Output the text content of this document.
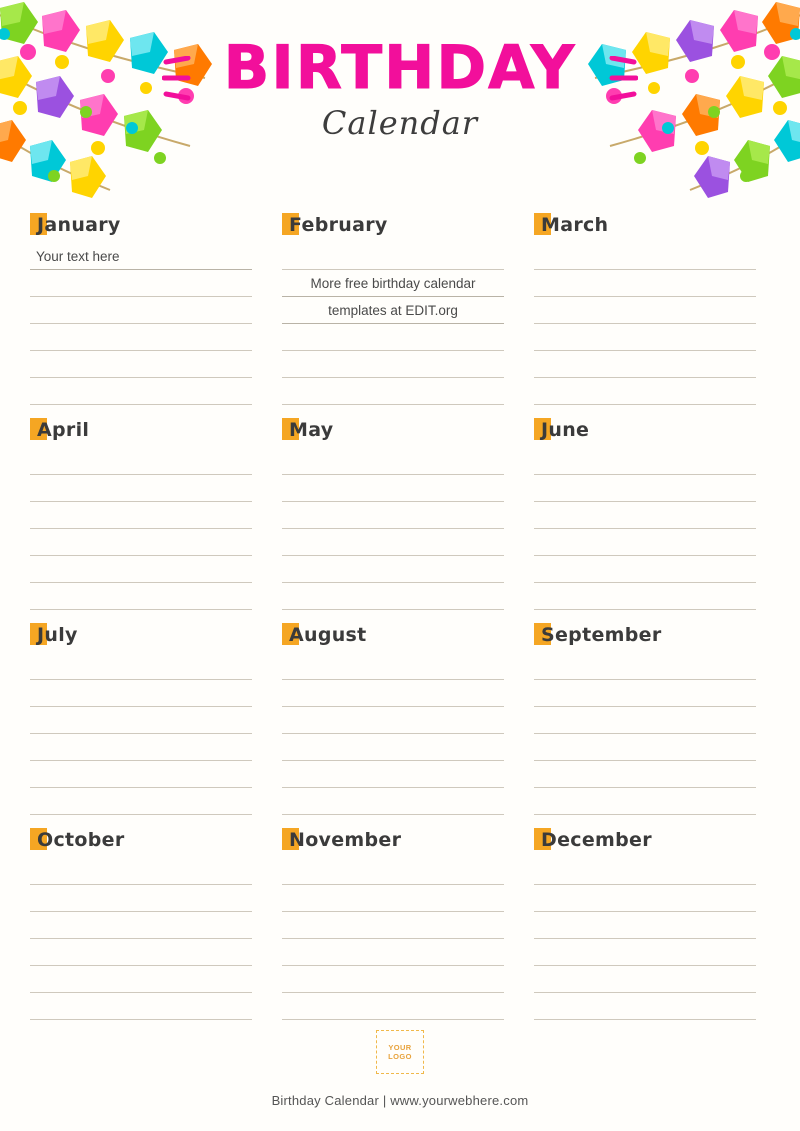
BIRTHDAY
Calendar
January
Your text here
February
More free birthday calendar
templates at EDIT.org
March
April	May	June
July	August	September
October	November	December
YOUR
LOGO
Birthday Calendar | www.yourwebhere.com
